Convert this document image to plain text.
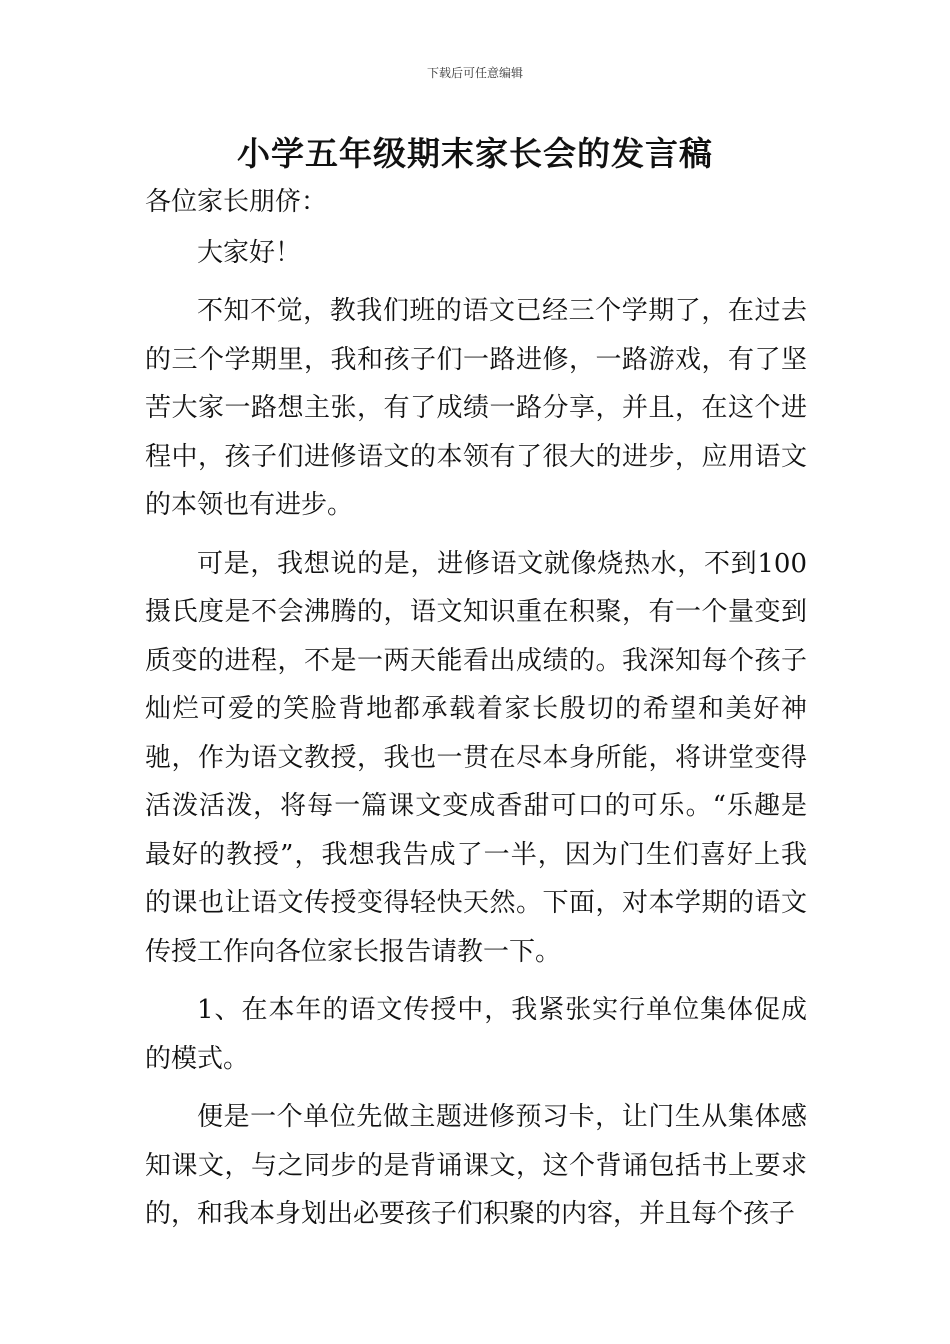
下载后可任意编辑
小学五年级期末家长会的发言稿

各位家长朋侪：

大家好！

不知不觉，教我们班的语文已经三个学期了，在过去的三个学期里，我和孩子们一路进修，一路游戏，有了坚苦大家一路想主张，有了成绩一路分享，并且，在这个进程中，孩子们进修语文的本领有了很大的进步，应用语文的本领也有进步。

可是，我想说的是，进修语文就像烧热水，不到100摄氏度是不会沸腾的，语文知识重在积聚，有一个量变到质变的进程，不是一两天能看出成绩的。我深知每个孩子灿烂可爱的笑脸背地都承载着家长殷切的希望和美好神驰，作为语文教授，我也一贯在尽本身所能，将讲堂变得活泼活泼，将每一篇课文变成香甜可口的可乐。“乐趣是最好的教授”，我想我告成了一半，因为门生们喜好上我的课也让语文传授变得轻快天然。下面，对本学期的语文传授工作向各位家长报告请教一下。

1、在本年的语文传授中，我紧张实行单位集体促成的模式。

便是一个单位先做主题进修预习卡，让门生从集体感知课文，与之同步的是背诵课文，这个背诵包括书上要求的，和我本身划出必要孩子们积聚的内容，并且每个孩子
